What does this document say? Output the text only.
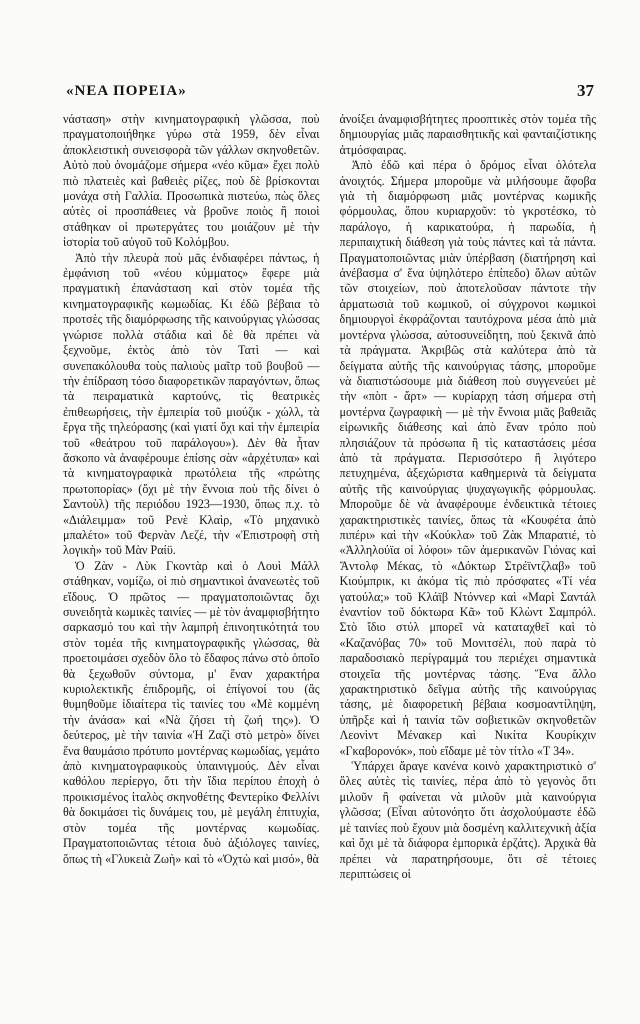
«ΝΕΑ ΠΟΡΕΙΑ»	37

νάσταση» στὴν κινηματογραφικὴ γλῶσσα, ποὺ πραγματοποιήθηκε γύρω στὰ 1959, δὲν εἶναι ἀποκλειστικὴ συνεισφορὰ τῶν γάλλων σκηνοθετῶν. Αὐτὸ ποὺ ὀνομάζομε σήμερα «νέο κῦμα» ἔχει πολὺ πιὸ πλατειὲς καὶ βαθειὲς ρίζες, ποὺ δὲ βρίσκονται μονάχα στὴ Γαλλία. Προσωπικὰ πιστεύω, πὼς ὅλες αὐτὲς οἱ προσπάθειες νὰ βροῦνε ποιὸς ἢ ποιοὶ στάθηκαν οἱ πρωτεργάτες του μοιάζουν μὲ τὴν ἱστορία τοῦ αὐγοῦ τοῦ Κολόμβου.

Ἀπὸ τὴν πλευρὰ ποὺ μᾶς ἐνδιαφέρει πάντως, ἡ ἐμφάνιση τοῦ «νέου κύμματος» ἔφερε μιὰ πραγματικὴ ἐπανάσταση καὶ στὸν τομέα τῆς κινηματογραφικῆς κωμωδίας. Κι ἐδῶ βέβαια τὸ προτσὲς τῆς διαμόρφωσης τῆς καινούργιας γλώσσας γνώρισε πολλὰ στάδια καὶ δὲ θὰ πρέπει νὰ ξεχνοῦμε, ἐκτὸς ἀπὸ τὸν Τατὶ — καὶ συνεπακόλουθα τοὺς παλιοὺς μαῖτρ τοῦ βουβοῦ — τὴν ἐπίδραση τόσο διαφορετικῶν παραγόντων, ὅπως τὰ πειραματικὰ καρτούνς, τὶς θεατρικὲς ἐπιθεωρήσεις, τὴν ἐμπειρία τοῦ μιούζικ - χώλλ, τὰ ἔργα τῆς τηλεόρασης (καὶ γιατί ὄχι καὶ τὴν ἐμπειρία τοῦ «θεάτρου τοῦ παράλογου»). Δὲν θὰ ἦταν ἄσκοπο νὰ ἀναφέρουμε ἐπίσης σὰν «ἀρχέτυπα» καὶ τὰ κινηματογραφικὰ πρωτόλεια τῆς «πρώτης πρωτοπορίας» (ὄχι μὲ τὴν ἔννοια ποὺ τῆς δίνει ὁ Σαντοὺλ) τῆς περιόδου 1923—1930, ὅπως π.χ. τὸ «Διάλειμμα» τοῦ Ρενὲ Κλαὶρ, «Τὸ μηχανικὸ μπαλέτο» τοῦ Φερνὰν Λεζέ, τὴν «Ἐπιστροφὴ στὴ λογικὴ» τοῦ Μὰν Ραίϋ.

Ὁ Ζὰν - Λὺκ Γκοντὰρ καὶ ὁ Λουὶ Μάλλ στάθηκαν, νομίζω, οἱ πιὸ σημαντικοὶ ἀνανεωτὲς τοῦ εἴδους. Ὁ πρῶτος — πραγματοποιῶντας ὄχι συνειδητὰ κωμικὲς ταινίες — μὲ τὸν ἀναμφισβήτητο σαρκασμό του καὶ τὴν λαμπρὴ ἐπινοητικότητά του στὸν τομέα τῆς κινηματογραφικῆς γλώσσας, θὰ προετοιμάσει σχεδὸν ὅλο τὸ ἔδαφος πάνω στὸ ὁποῖο θὰ ξεχωθοῦν σύντομα, μ' ἕναν χαρακτήρα κυριολεκτικῆς ἐπιδρομῆς, οἱ ἐπίγονοί του (ἂς θυμηθοῦμε ἰδιαίτερα τὶς ταινίες του «Μὲ κομμένη τὴν ἀνάσα» καὶ «Νὰ ζήσει τὴ ζωή της»). Ὁ δεύτερος, μὲ τὴν ταινία «Ἡ Ζαζὶ στὸ μετρὸ» δίνει ἕνα θαυμάσιο πρότυπο μοντέρνας κωμωδίας, γεμάτο ἀπὸ κινηματογραφικοὺς ὑπαινιγμούς. Δὲν εἶναι καθόλου περίεργο, ὅτι τὴν ἴδια περίπου ἐποχὴ ὁ προικισμένος ἰταλὸς σκηνοθέτης Φεντερίκο Φελλίνι θὰ δοκιμάσει τὶς δυνάμεις του, μὲ μεγάλη ἐπιτυχία, στὸν τομέα τῆς μοντέρνας κωμωδίας. Πραγματοποιῶντας τέτοια δυὸ ἀξιόλογες ταινίες, ὅπως τὴ «Γλυκειὰ Ζωὴ» καὶ τὸ «Ὀχτὼ καὶ μισό», θὰ

ἀνοίξει ἀναμφισβήτητες προοπτικὲς στὸν τομέα τῆς δημιουργίας μιᾶς παραισθητικῆς καὶ φανταιζίστικης ἀτμόσφαιρας.

Ἀπὸ ἐδῶ καὶ πέρα ὁ δρόμος εἶναι ὁλότελα ἀνοιχτός. Σήμερα μποροῦμε νὰ μιλήσουμε ἄφοβα γιὰ τὴ διαμόρφωση μιᾶς μοντέρνας κωμικῆς φόρμουλας, ὅπου κυριαρχοῦν: τὸ γκροτέσκο, τὸ παράλογο, ἡ καρικατούρα, ἡ παρωδία, ἡ περιπαιχτικὴ διάθεση γιὰ τοὺς πάντες καὶ τὰ πάντα. Πραγματοποιῶντας μιὰν ὑπέρβαση (διατήρηση καὶ ἀνέβασμα σ' ἕνα ὑψηλότερο ἐπίπεδο) ὅλων αὐτῶν τῶν στοιχείων, ποὺ ἀποτελοῦσαν πάντοτε τὴν ἀρματωσιὰ τοῦ κωμικοῦ, οἱ σύγχρονοι κωμικοὶ δημιουργοὶ ἐκφράζονται ταυτόχρονα μέσα ἀπὸ μιὰ μοντέρνα γλώσσα, αὐτοσυνείδητη, ποὺ ξεκινᾶ ἀπὸ τὰ πράγματα. Ἀκριβῶς στὰ καλύτερα ἀπὸ τὰ δείγματα αὐτῆς τῆς καινούργιας τάσης, μποροῦμε νὰ διαπιστώσουμε μιὰ διάθεση ποὺ συγγενεύει μὲ τὴν «πὸπ - ἄρτ» — κυρίαρχη τάση σήμερα στὴ μοντέρνα ζωγραφικὴ — μὲ τὴν ἔννοια μιᾶς βαθειᾶς εἰρωνικῆς διάθεσης καὶ ἀπὸ ἕναν τρόπο ποὺ πλησιάζουν τὰ πρόσωπα ἢ τὶς καταστάσεις μέσα ἀπὸ τὰ πράγματα. Περισσότερο ἢ λιγότερο πετυχημένα, ἀξεχώριστα καθημερινὰ τὰ δείγματα αὐτῆς τῆς καινούργιας ψυχαγωγικῆς φόρμουλας. Μποροῦμε δὲ νὰ ἀναφέρουμε ἐνδεικτικὰ τέτοιες χαρακτηριστικὲς ταινίες, ὅπως τὰ «Κουφέτα ἀπὸ πιπέρι» καὶ τὴν «Κούκλα» τοῦ Ζὰκ Μπαρατιέ, τὸ «Ἀλληλούϊα οἱ λόφοι» τῶν ἀμερικανῶν Γιόνας καὶ Ἄντολφ Μέκας, τὸ «Δόκτωρ Στρέϊντζλαβ» τοῦ Κιούμπρικ, κι ἀκόμα τὶς πιὸ πρόσφατες «Τί νέα γατούλα;» τοῦ Κλάϊβ Ντόννερ καὶ «Μαρὶ Σαντάλ ἐναντίον τοῦ δόκτωρα Κᾶ» τοῦ Κλὼντ Σαμπρόλ. Στὸ ἴδιο στύλ μπορεῖ νὰ καταταχθεῖ καὶ τὸ «Καζανόβας 70» τοῦ Μονιτσέλι, ποὺ παρὰ τὸ παραδοσιακὸ περίγραμμά του περιέχει σημαντικὰ στοιχεῖα τῆς μοντέρνας τάσης. Ἕνα ἄλλο χαρακτηριστικὸ δεῖγμα αὐτῆς τῆς καινούργιας τάσης, μὲ διαφορετικὴ βέβαια κοσμοαντίληψη, ὑπῆρξε καὶ ἡ ταινία τῶν σοβιετικῶν σκηνοθετῶν Λεονὶντ Μένακερ καὶ Νικίτα Κουρίκχιν «Γκαβορονόκ», ποὺ εἴδαμε μὲ τὸν τίτλο «Τ 34».

Ὑπάρχει ἄραγε κανένα κοινὸ χαρακτηριστικὸ σ' ὅλες αὐτὲς τὶς ταινίες, πέρα ἀπὸ τὸ γεγονὸς ὅτι μιλοῦν ἢ φαίνεται νὰ μιλοῦν μιὰ καινούργια γλῶσσα; (Εἶναι αὐτονόητο ὅτι ἀσχολούμαστε ἐδῶ μὲ ταινίες ποὺ ἔχουν μιὰ δοσμένη καλλιτεχνικὴ ἀξία καὶ ὄχι μὲ τὰ διάφορα ἐμπορικὰ ἐρζάτς). Ἀρχικὰ θὰ πρέπει νὰ παρατηρήσουμε, ὅτι σὲ τέτοιες περιπτώσεις οἱ
